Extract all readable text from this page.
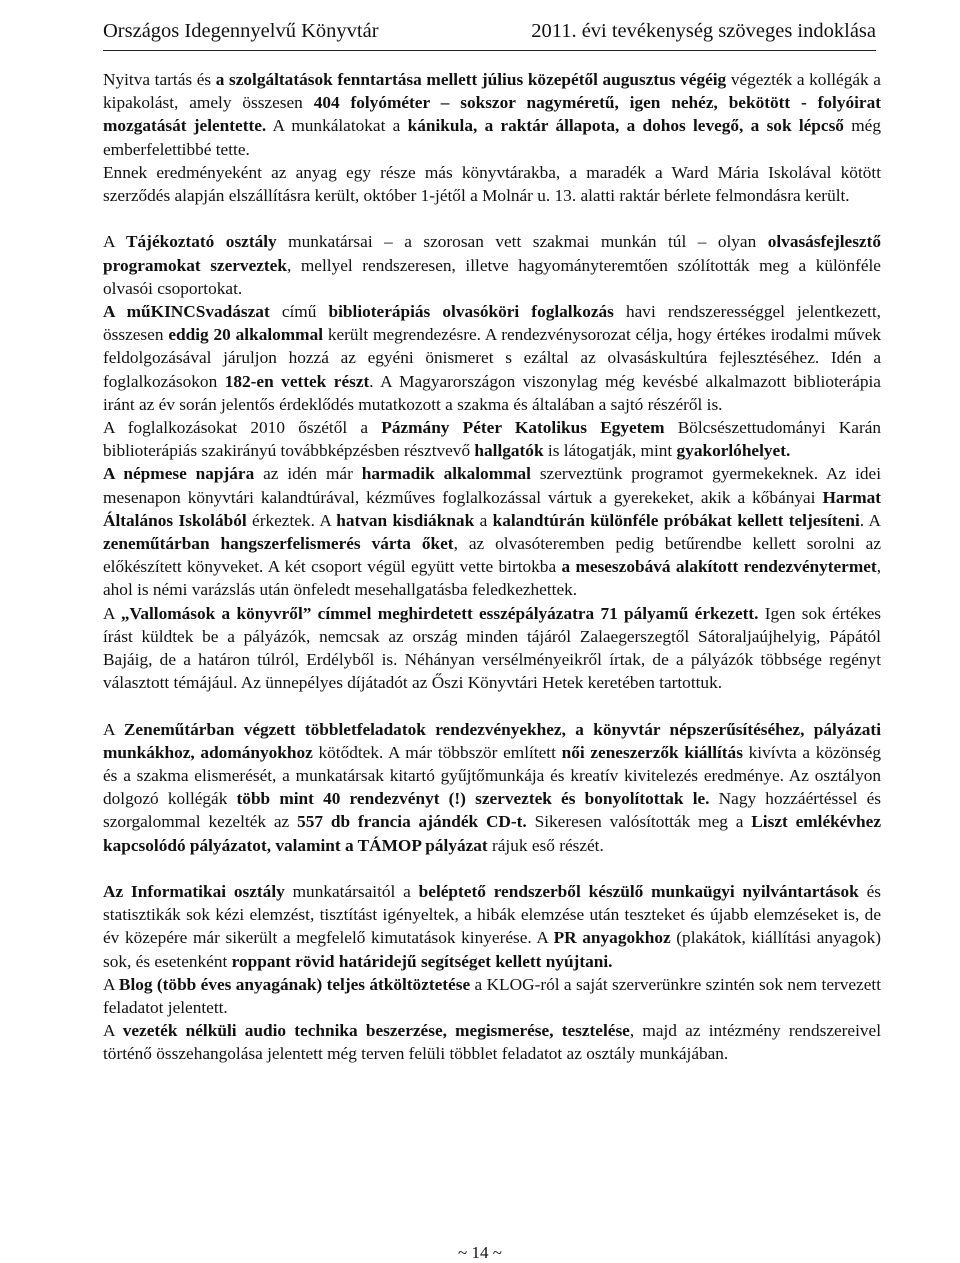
Országos Idegennyelvű Könyvtár	2011. évi tevékenység szöveges indoklása

Nyitva tartás és a szolgáltatások fenntartása mellett július közepétől augusztus végéig végezték a kollégák a kipakolást, amely összesen 404 folyóméter – sokszor nagyméretű, igen nehéz, bekötött - folyóirat mozgatását jelentette. A munkálatokat a kánikula, a raktár állapota, a dohos levegő, a sok lépcső még emberfelettibbé tette.

Ennek eredményeként az anyag egy része más könyvtárakba, a maradék a Ward Mária Iskolával kötött szerződés alapján elszállításra került, október 1-jétől a Molnár u. 13. alatti raktár bérlete felmondásra került.

A Tájékoztató osztály munkatársai – a szorosan vett szakmai munkán túl – olyan olvasásfejlesztő programokat szerveztek, mellyel rendszeresen, illetve hagyományteremtően szólították meg a különféle olvasói csoportokat.

A műKINCSvadászat című biblioterápiás olvasóköri foglalkozás havi rendszerességgel jelentkezett, összesen eddig 20 alkalommal került megrendezésre. A rendezvénysorozat célja, hogy értékes irodalmi művek feldolgozásával járuljon hozzá az egyéni önismeret s ezáltal az olvasáskultúra fejlesztéséhez. Idén a foglalkozásokon 182-en vettek részt. A Magyarországon viszonylag még kevésbé alkalmazott biblioterápia iránt az év során jelentős érdeklődés mutatkozott a szakma és általában a sajtó részéről is.

A foglalkozásokat 2010 őszétől a Pázmány Péter Katolikus Egyetem Bölcsészettudományi Karán biblioterápiás szakirányú továbbképzésben résztvevő hallgatók is látogatják, mint gyakorlóhelyet.

A népmese napjára az idén már harmadik alkalommal szerveztünk programot gyermekeknek. Az idei mesenapon könyvtári kalandtúrával, kézműves foglalkozással vártuk a gyerekeket, akik a kőbányai Harmat Általános Iskolából érkeztek. A hatvan kisdiáknak a kalandtúrán különféle próbákat kellett teljesíteni. A zeneműtárban hangszerfelismerés várta őket, az olvasóteremben pedig betűrendbe kellett sorolni az előkészített könyveket. A két csoport végül együtt vette birtokba a meseszobává alakított rendezvénytermet, ahol is némi varázslás után önfeledt mesehallgatásba feledkezhettek.

A „Vallomások a könyvről” címmel meghirdetett esszépályázatra 71 pályamű érkezett. Igen sok értékes írást küldtek be a pályázók, nemcsak az ország minden tájáról Zalaegerszegtől Sátoraljaújhelyig, Pápától Bajáig, de a határon túlról, Erdélyből is. Néhányan versélményeikről írtak, de a pályázók többsége regényt választott témájául. Az ünnepélyes díjátadót az Őszi Könyvtári Hetek keretében tartottuk.

A Zeneműtárban végzett többletfeladatok rendezvényekhez, a könyvtár népszerűsítéséhez, pályázati munkákhoz, adományokhoz kötődtek. A már többször említett női zeneszerzők kiállítás kivívta a közönség és a szakma elismerését, a munkatársak kitartó gyűjtőmunkája és kreatív kivitelezés eredménye. Az osztályon dolgozó kollégák több mint 40 rendezvényt (!) szerveztek és bonyolítottak le. Nagy hozzáértéssel és szorgalommal kezelték az 557 db francia ajándék CD-t. Sikeresen valósították meg a Liszt emlékévhez kapcsolódó pályázatot, valamint a TÁMOP pályázat rájuk eső részét.

Az Informatikai osztály munkatársaitól a beléptető rendszerből készülő munkaügyi nyilvántartások és statisztikák sok kézi elemzést, tisztítást igényeltek, a hibák elemzése után teszteket és újabb elemzéseket is, de év közepére már sikerült a megfelelő kimutatások kinyerése. A PR anyagokhoz (plakátok, kiállítási anyagok) sok, és esetenként roppant rövid határidejű segítséget kellett nyújtani.

A Blog (több éves anyagának) teljes átköltöztetése a KLOG-ról a saját szerverünkre szintén sok nem tervezett feladatot jelentett.

A vezeték nélküli audio technika beszerzése, megismerése, tesztelése, majd az intézmény rendszereivel történő összehangolása jelentett még terven felüli többlet feladatot az osztály munkájában.

~ 14 ~
